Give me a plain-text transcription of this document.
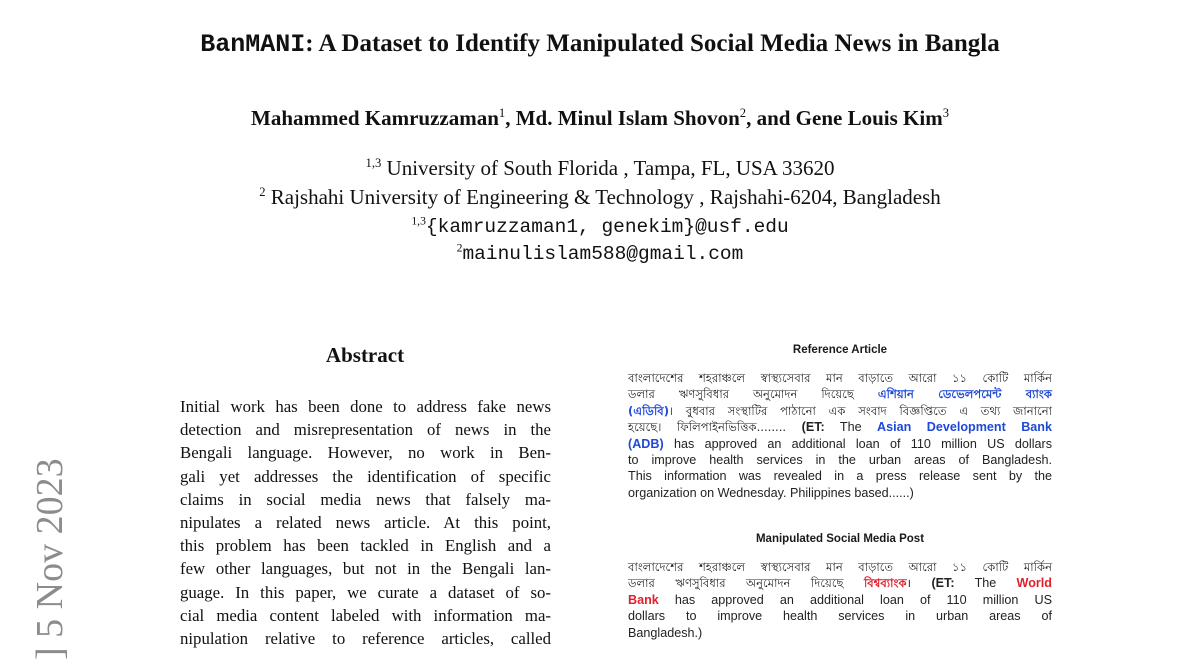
BanMANI: A Dataset to Identify Manipulated Social Media News in Bangla
Mahammed Kamruzzaman$^1$, Md. Minul Islam Shovon$^2$, and Gene Louis Kim$^3$
$^{1,3}$ University of South Florida , Tampa, FL, USA 33620
$^2$ Rajshahi University of Engineering & Technology , Rajshahi-6204, Bangladesh
$^{1,3}${kamruzzaman1, genekim}@usf.edu
$^2$mainulislam588@gmail.com
] 5 Nov 2023
Abstract
Initial work has been done to address fake news
detection and misrepresentation of news in the
Bengali language. However, no work in Ben-
gali yet addresses the identification of specific
claims in social media news that falsely ma-
nipulates a related news article. At this point,
this problem has been tackled in English and a
few other languages, but not in the Bengali lan-
guage. In this paper, we curate a dataset of so-
cial media content labeled with information ma-
nipulation relative to reference articles, called
Reference Article
বাংলাদেশের শহরাঞ্চলে স্বাস্থ্যসেবার মান বাড়াতে আরো ১১ কোটি মার্কিন
ডলার ঋণসুবিধার অনুমোদন দিয়েছে এশিয়ান ডেভেলপমেন্ট ব্যাংক
(এডিবি)। বুধবার সংস্থাটির পাঠানো এক সংবাদ বিজ্ঞপ্তিতে এ তথ্য জানানো
হয়েছে। ফিলিপাইনভিত্তিক........ (ET: The Asian Development Bank
(ADB) has approved an additional loan of 110 million US dollars
to improve health services in the urban areas of Bangladesh.
This information was revealed in a press release sent by the
organization on Wednesday. Philippines based......)
Manipulated Social Media Post
বাংলাদেশের শহরাঞ্চলে স্বাস্থ্যসেবার মান বাড়াতে আরো ১১ কোটি মার্কিন
ডলার ঋণসুবিধার অনুমোদন দিয়েছে বিশ্বব্যাংক। (ET: The World
Bank has approved an additional loan of 110 million US
dollars to improve health services in urban areas of
Bangladesh.)
